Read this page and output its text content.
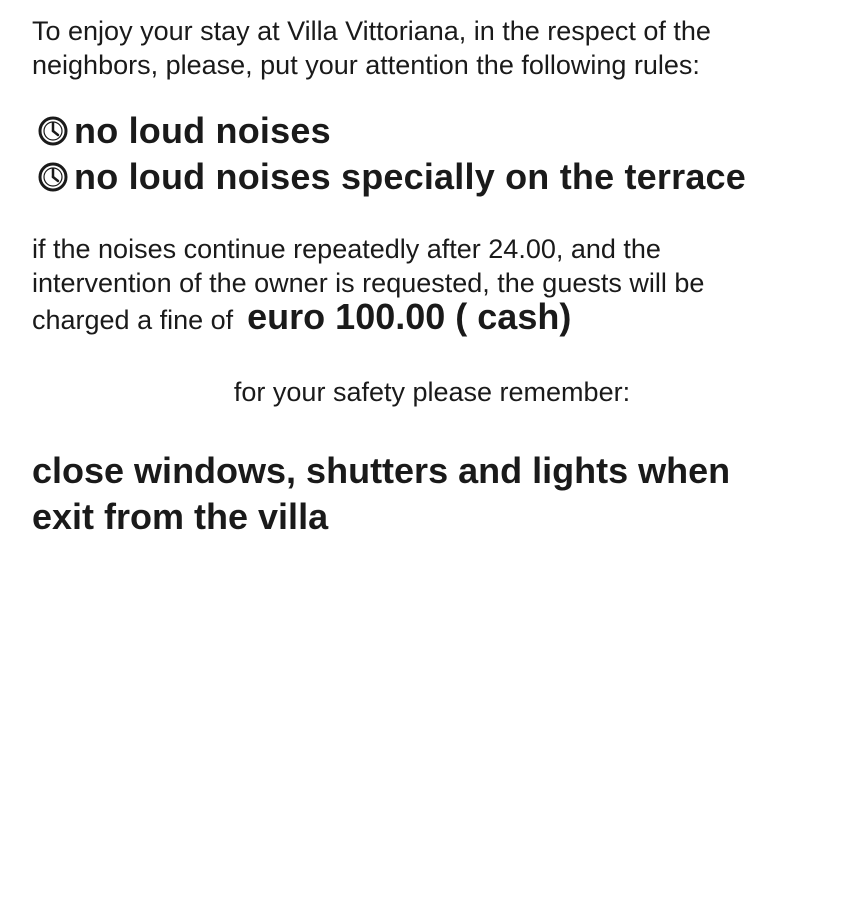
To enjoy your stay at Villa Vittoriana, in the respect of the
neighbors, please, put your attention the following rules:

no loud noises
no loud noises specially on the terrace

if the noises continue repeatedly after 24.00, and the
intervention of the owner is requested, the guests will be
charged a fine of euro 100.00 ( cash)

for your safety please remember:

close windows, shutters and lights when
exit from the villa
